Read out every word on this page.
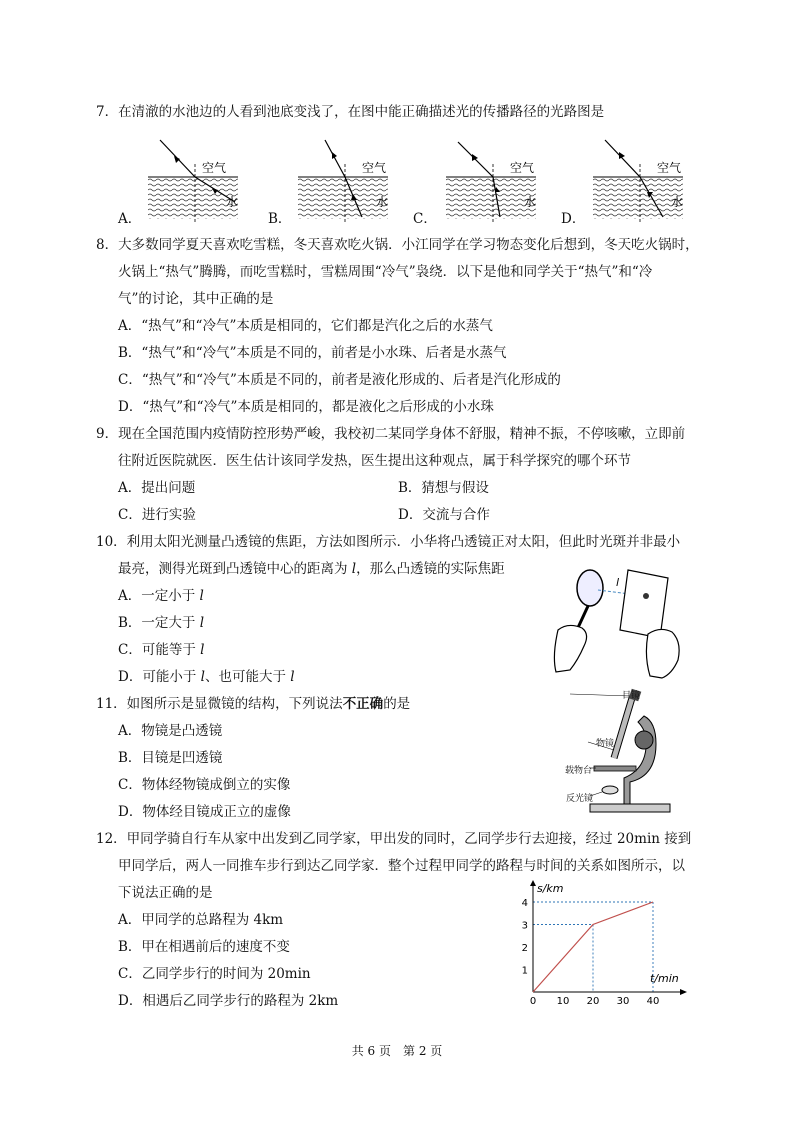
7．在清澈的水池边的人看到池底变浅了，在图中能正确描述光的传播路径的光路图是
空气
水
A．
空气
水
B．
空气
水
C．
空气
水
D．
8．大多数同学夏天喜欢吃雪糕，冬天喜欢吃火锅．小江同学在学习物态变化后想到，冬天吃火锅时，
火锅上“热气”腾腾，而吃雪糕时，雪糕周围“冷气”袅绕．以下是他和同学关于“热气”和“冷
气”的讨论，其中正确的是
A．“热气”和“冷气”本质是相同的，它们都是汽化之后的水蒸气
B．“热气”和“冷气”本质是不同的，前者是小水珠、后者是水蒸气
C．“热气”和“冷气”本质是不同的，前者是液化形成的、后者是汽化形成的
D．“热气”和“冷气”本质是相同的，都是液化之后形成的小水珠
9．现在全国范围内疫情防控形势严峻，我校初二某同学身体不舒服，精神不振，不停咳嗽，立即前
往附近医院就医．医生估计该同学发热，医生提出这种观点，属于科学探究的哪个环节
A．提出问题	B．猜想与假设
C．进行实验	D．交流与合作
10．利用太阳光测量凸透镜的焦距，方法如图所示．小华将凸透镜正对太阳，但此时光斑并非最小
最亮，测得光斑到凸透镜中心的距离为 l，那么凸透镜的实际焦距
A．一定小于 l
B．一定大于 l
C．可能等于 l
D．可能小于 l、也可能大于 l
l
11．如图所示是显微镜的结构，下列说法不正确的是
A．物镜是凸透镜
B．目镜是凹透镜
C．物体经物镜成倒立的实像
D．物体经目镜成正立的虚像
目镜
物镜
载物台
反光镜
12．甲同学骑自行车从家中出发到乙同学家，甲出发的同时，乙同学步行去迎接，经过 20min 接到
甲同学后，两人一同推车步行到达乙同学家．整个过程甲同学的路程与时间的关系如图所示，以
下说法正确的是
A．甲同学的总路程为 4km
B．甲在相遇前后的速度不变
C．乙同学步行的时间为 20min
D．相遇后乙同学步行的路程为 2km	0 10 20 30 40
1
2
3
4
s/km
t/min
共 6 页　第 2 页
